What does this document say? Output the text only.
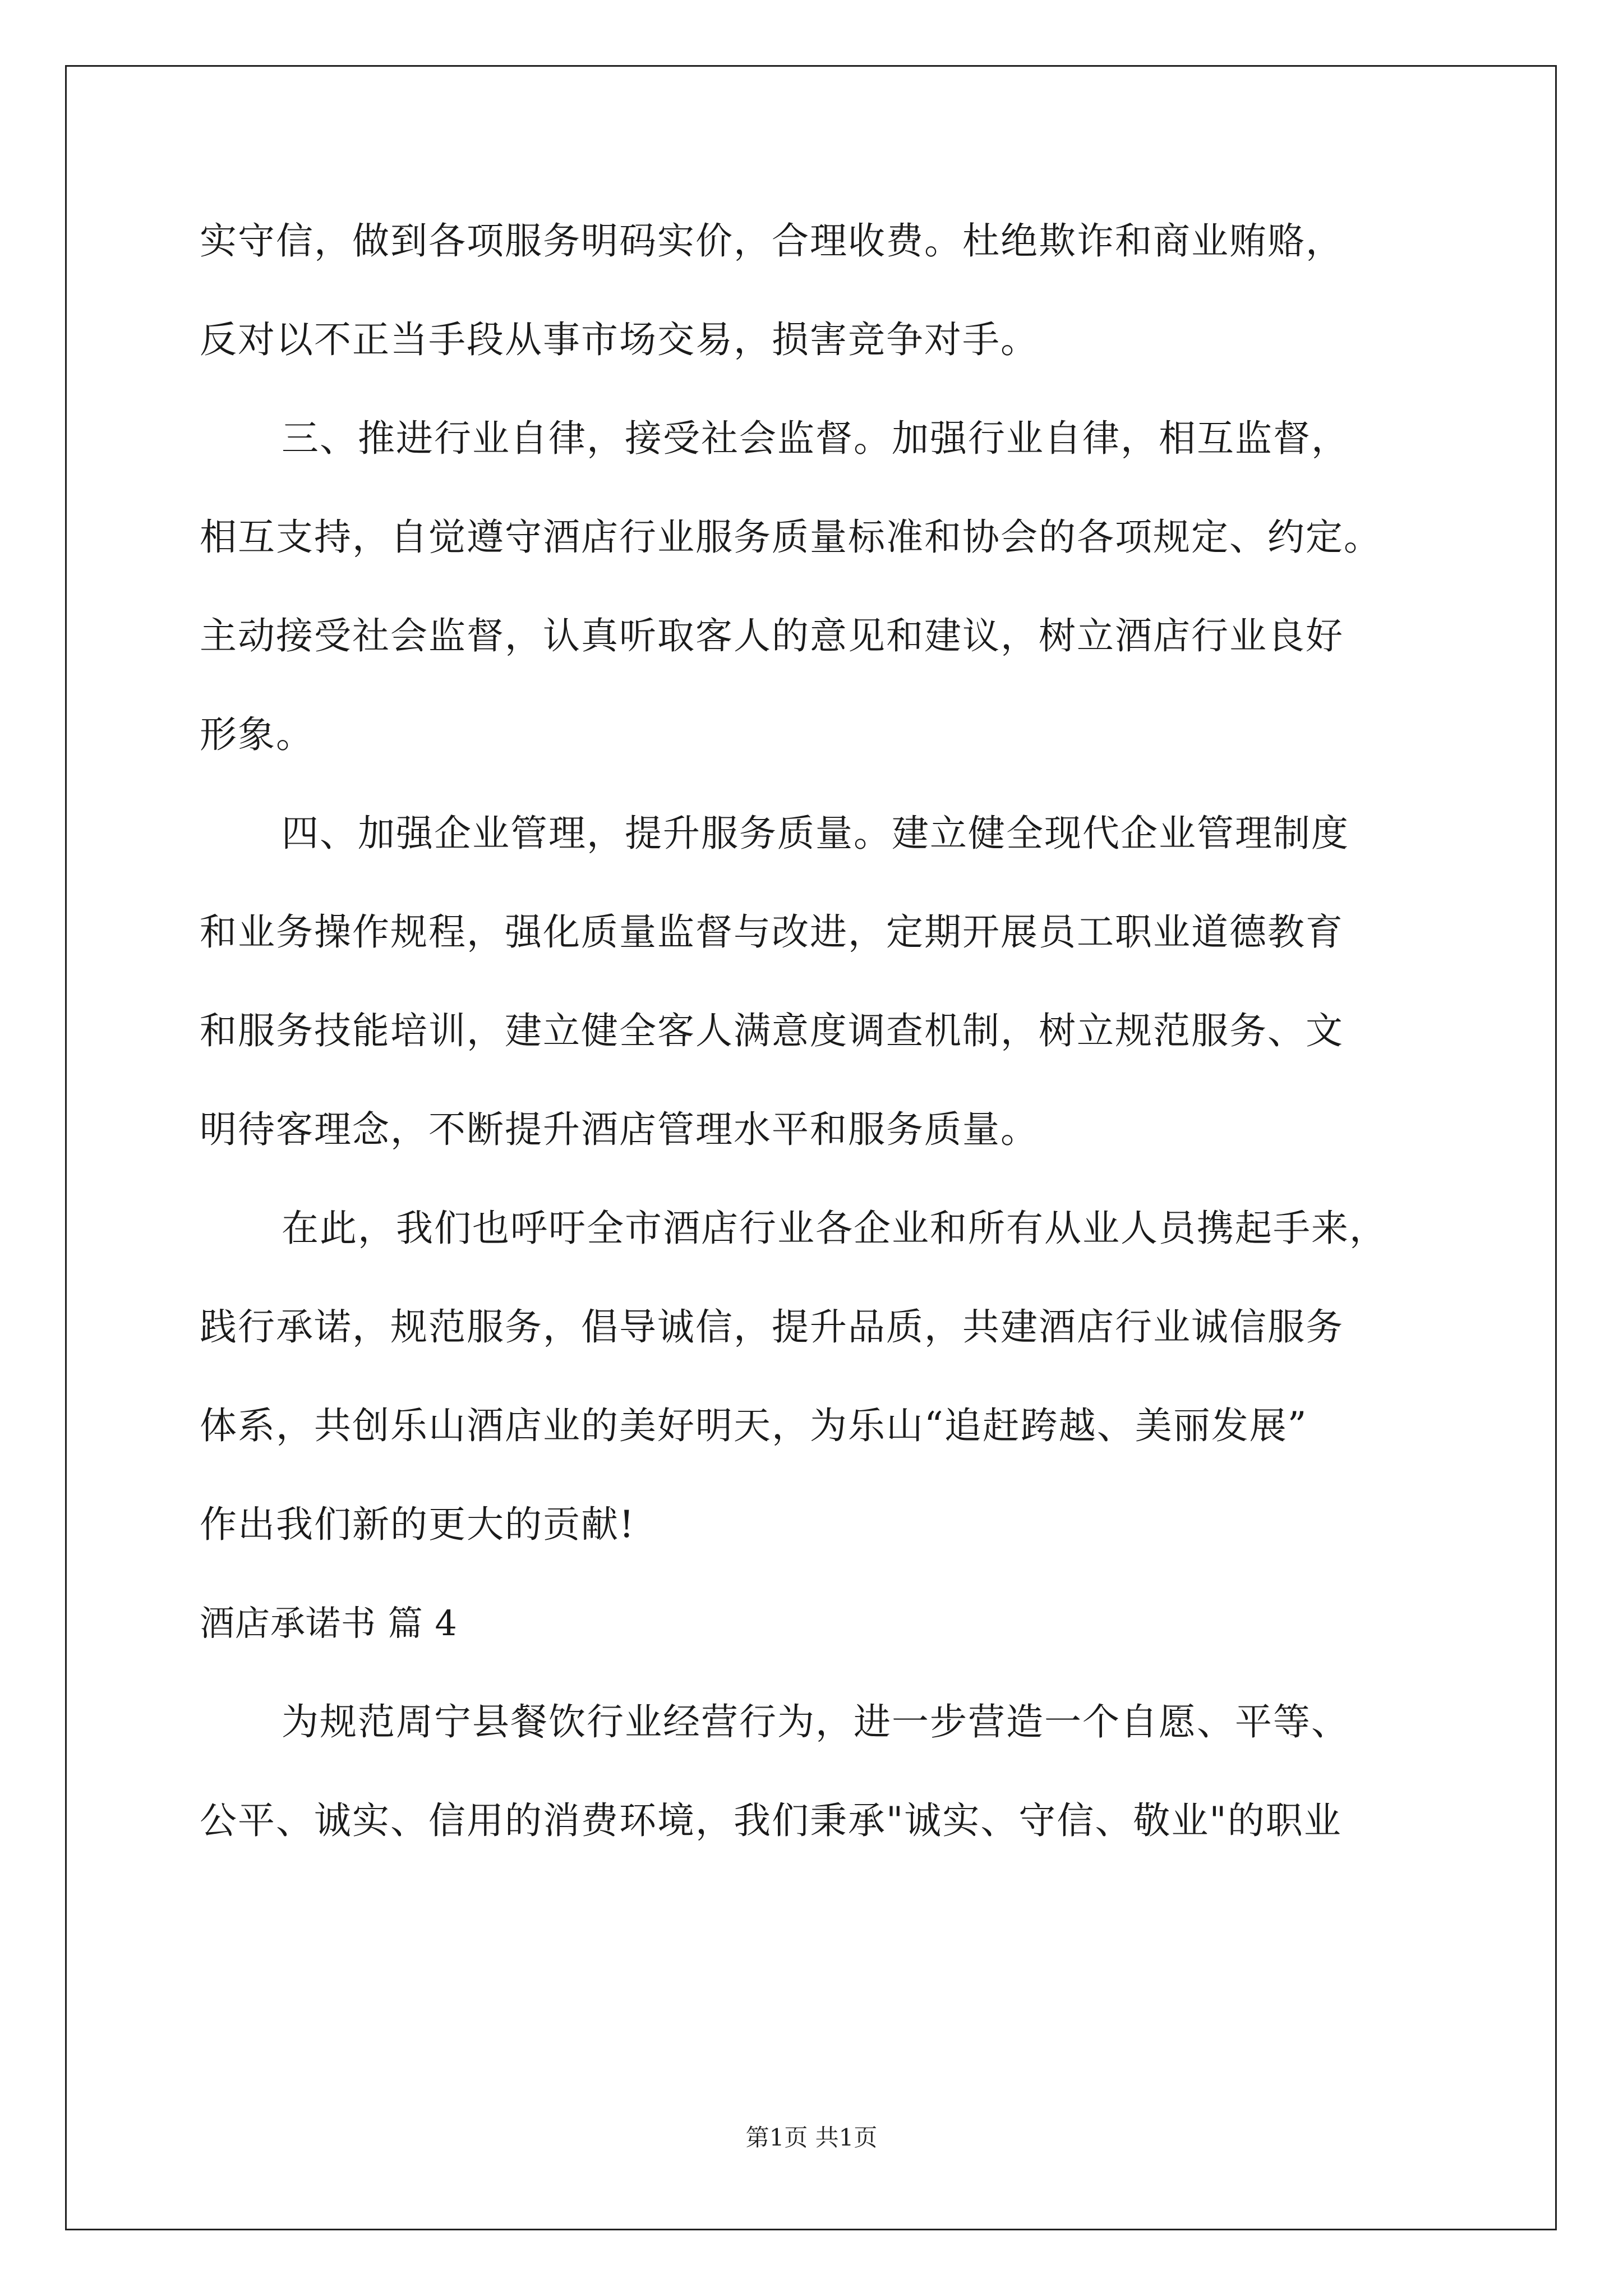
实守信，做到各项服务明码实价，合理收费。杜绝欺诈和商业贿赂，
反对以不正当手段从事市场交易，损害竞争对手。
三、推进行业自律，接受社会监督。加强行业自律，相互监督，
相互支持，自觉遵守酒店行业服务质量标准和协会的各项规定、约定。
主动接受社会监督，认真听取客人的意见和建议，树立酒店行业良好
形象。
四、加强企业管理，提升服务质量。建立健全现代企业管理制度
和业务操作规程，强化质量监督与改进，定期开展员工职业道德教育
和服务技能培训，建立健全客人满意度调查机制，树立规范服务、文
明待客理念，不断提升酒店管理水平和服务质量。
在此，我们也呼吁全市酒店行业各企业和所有从业人员携起手来，
践行承诺，规范服务，倡导诚信，提升品质，共建酒店行业诚信服务
体系，共创乐山酒店业的美好明天，为乐山“追赶跨越、美丽发展”
作出我们新的更大的贡献!
酒店承诺书 篇 4
为规范周宁县餐饮行业经营行为，进一步营造一个自愿、平等、
公平、诚实、信用的消费环境，我们秉承"诚实、守信、敬业"的职业
第1页 共1页
